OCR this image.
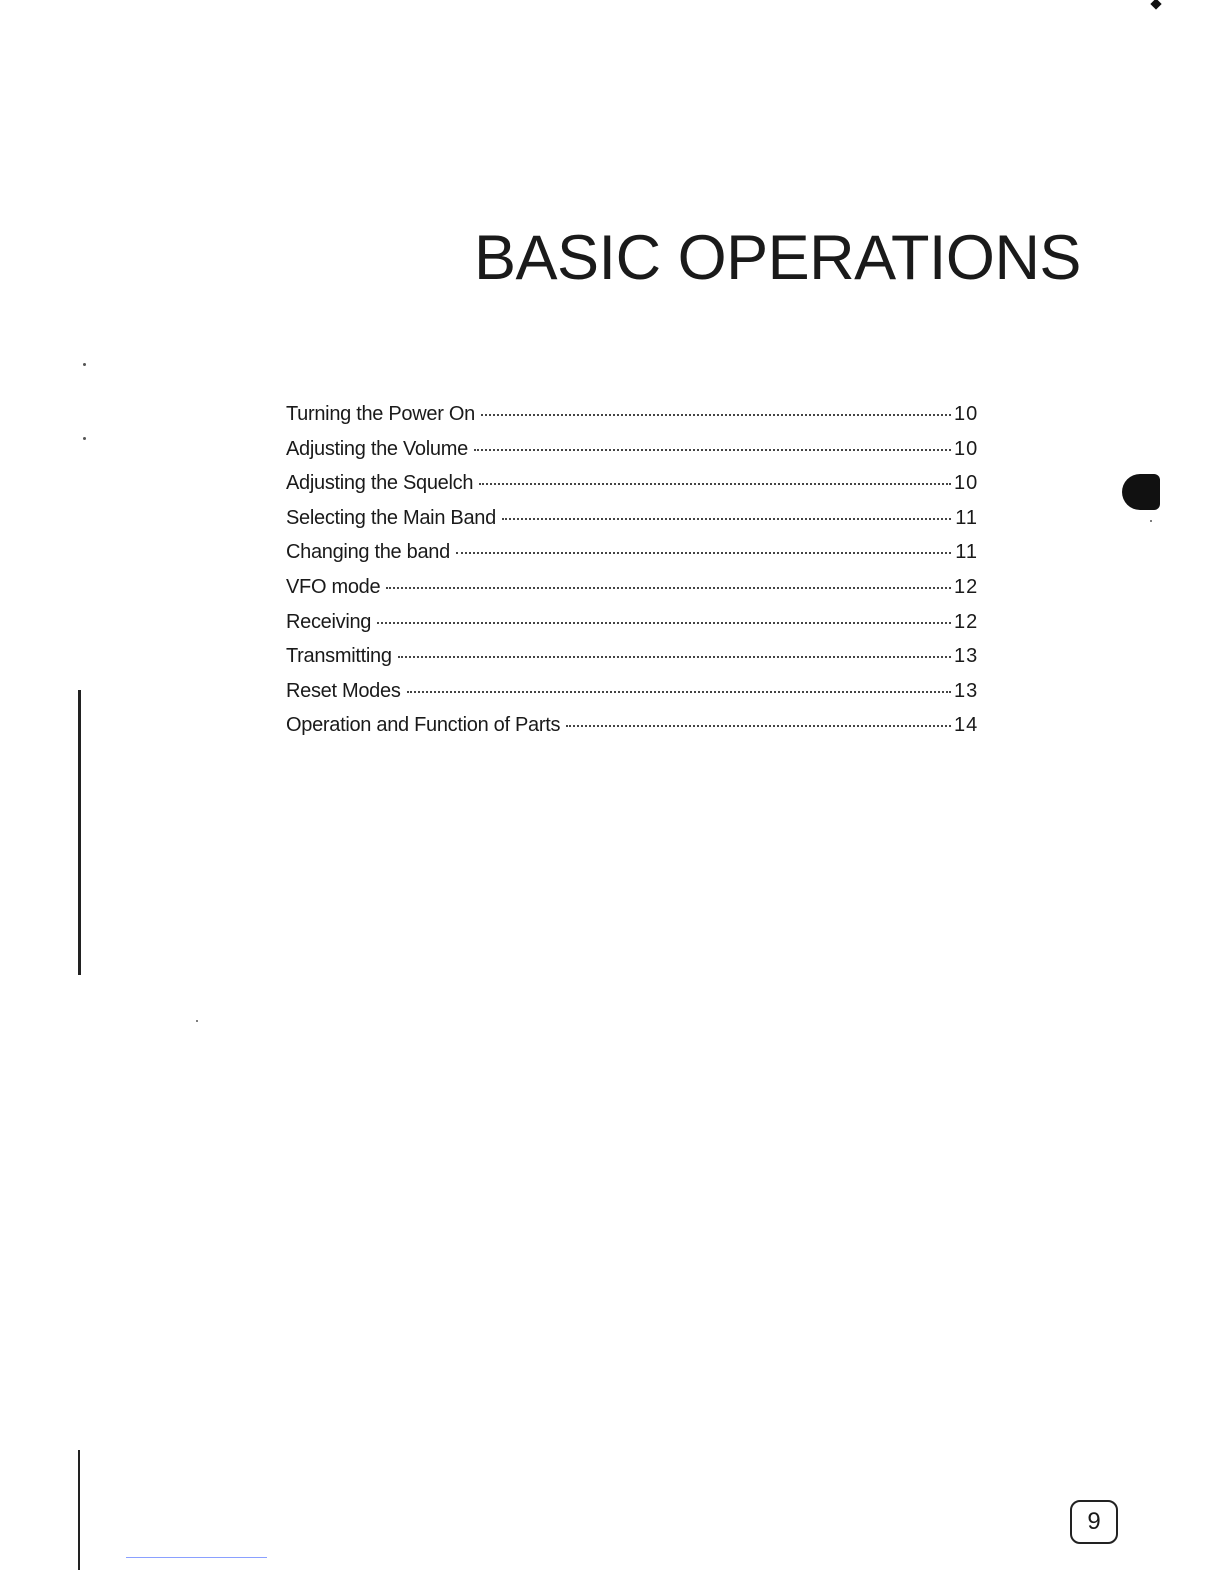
BASIC OPERATIONS
Turning the Power On	10
Adjusting the Volume	10
Adjusting the Squelch	10
Selecting the Main Band	11
Changing the band	11
VFO mode	12
Receiving	12
Transmitting	13
Reset Modes	13
Operation and Function of Parts	14
9
